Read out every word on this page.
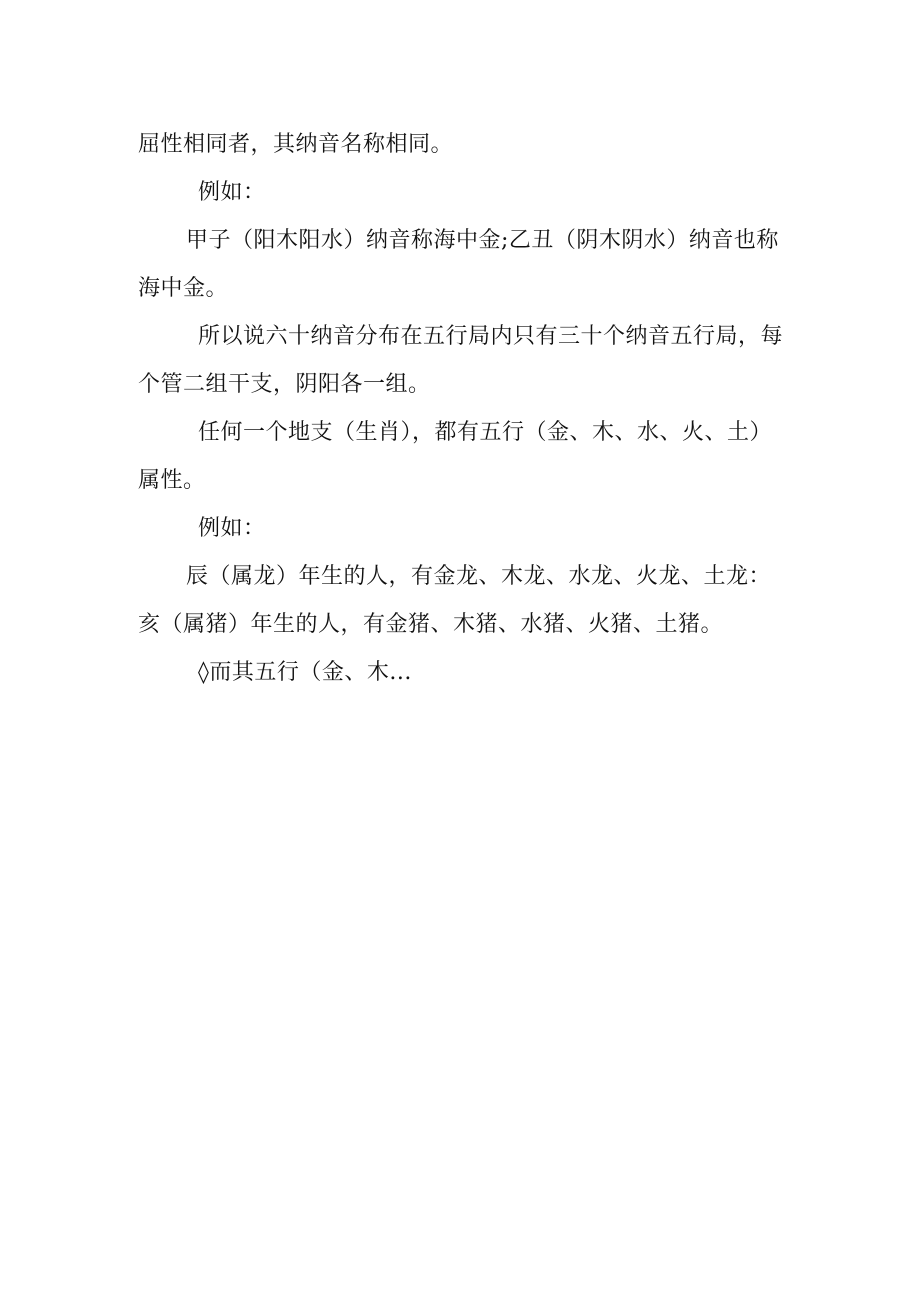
屈性相同者，其纳音名称相同。

例如：

甲子（阳木阳水）纳音称海中金;乙丑（阴木阴水）纳音也称海中金。

所以说六十纳音分布在五行局内只有三十个纳音五行局，每个管二组干支，阴阳各一组。

任何一个地支（生肖），都有五行（金、木、水、火、土）属性。

例如：

辰（属龙）年生的人，有金龙、木龙、水龙、火龙、土龙：亥（属猪）年生的人，有金猪、木猪、水猪、火猪、土猪。

◊而其五行（金、木...
